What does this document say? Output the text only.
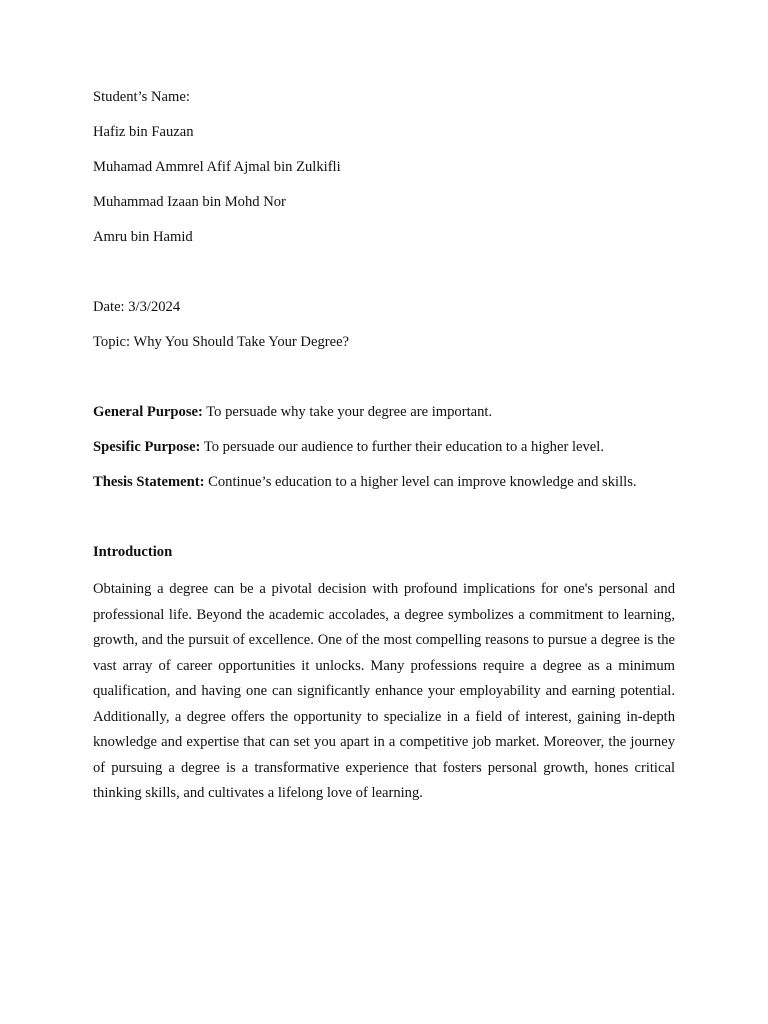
Student’s Name:
Hafiz bin Fauzan
Muhamad Ammrel Afif Ajmal bin Zulkifli
Muhammad Izaan bin Mohd Nor
Amru bin Hamid
Date: 3/3/2024
Topic: Why You Should Take Your Degree?
General Purpose: To persuade why take your degree are important.
Spesific Purpose: To persuade our audience to further their education to a higher level.
Thesis Statement: Continue’s education to a higher level can improve knowledge and skills.
Introduction
Obtaining a degree can be a pivotal decision with profound implications for one's personal and professional life. Beyond the academic accolades, a degree symbolizes a commitment to learning, growth, and the pursuit of excellence. One of the most compelling reasons to pursue a degree is the vast array of career opportunities it unlocks. Many professions require a degree as a minimum qualification, and having one can significantly enhance your employability and earning potential. Additionally, a degree offers the opportunity to specialize in a field of interest, gaining in-depth knowledge and expertise that can set you apart in a competitive job market. Moreover, the journey of pursuing a degree is a transformative experience that fosters personal growth, hones critical thinking skills, and cultivates a lifelong love of learning.
